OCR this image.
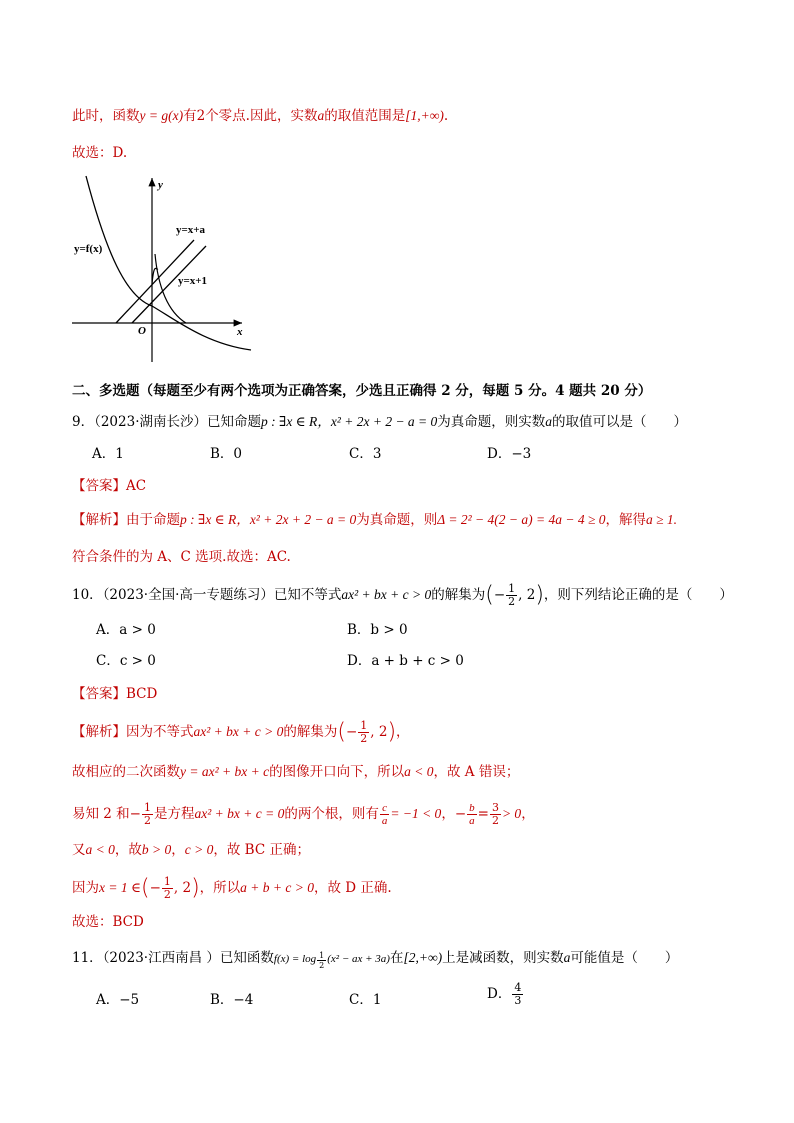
此时，函数y = g(x)有2个零点.因此，实数a的取值范围是[1,+∞).
故选：D.
y
x
O
y=f(x)
y=x+a
y=x+1
二、多选题（每题至少有两个选项为正确答案，少选且正确得 2 分，每题 5 分。4 题共 20 分）
9．（2023·湖南长沙）已知命题p : ∃x ∈ R，x² + 2x + 2 − a = 0为真命题，则实数a的取值可以是（　　）
A．1	B．0	C．3	D．−3
【答案】AC
【解析】由于命题p : ∃x ∈ R，x² + 2x + 2 − a = 0为真命题，则Δ = 2² − 4(2 − a) = 4a − 4 ≥ 0，解得a ≥ 1.
符合条件的为 A、C 选项.故选：AC.
10．（2023·全国·高一专题练习）已知不等式ax² + bx + c > 0的解集为(− $\frac{1}{2}$ , 2)，则下列结论正确的是（　　）
A．a > 0	B．b > 0
C．c > 0	D．a + b + c > 0
【答案】BCD
【解析】因为不等式ax² + bx + c > 0的解集为(− $\frac{1}{2}$ , 2)，
故相应的二次函数y = ax² + bx + c的图像开口向下，所以a < 0，故 A 错误；
易知 2 和− $\frac{1}{2}$ 是方程ax² + bx + c = 0的两个根，则有 $\frac{c}{a} = -1 < 0$，− $\frac{b}{a} = \frac{3}{2} > 0$，
又a < 0，故b > 0，c > 0，故 BC 正确；
因为x = 1 ∈(− $\frac{1}{2}$ , 2)，所以a + b + c > 0，故 D 正确.
故选：BCD
11．（2023·江西南昌 ）已知函数$f(x) = \log \frac{1}{2} (x^2$ − ax + 3a)在[2,+∞)上是减函数，则实数a可能值是（　　）
A．−5	B．−4	C．1	D． $\frac{4}{3}$
